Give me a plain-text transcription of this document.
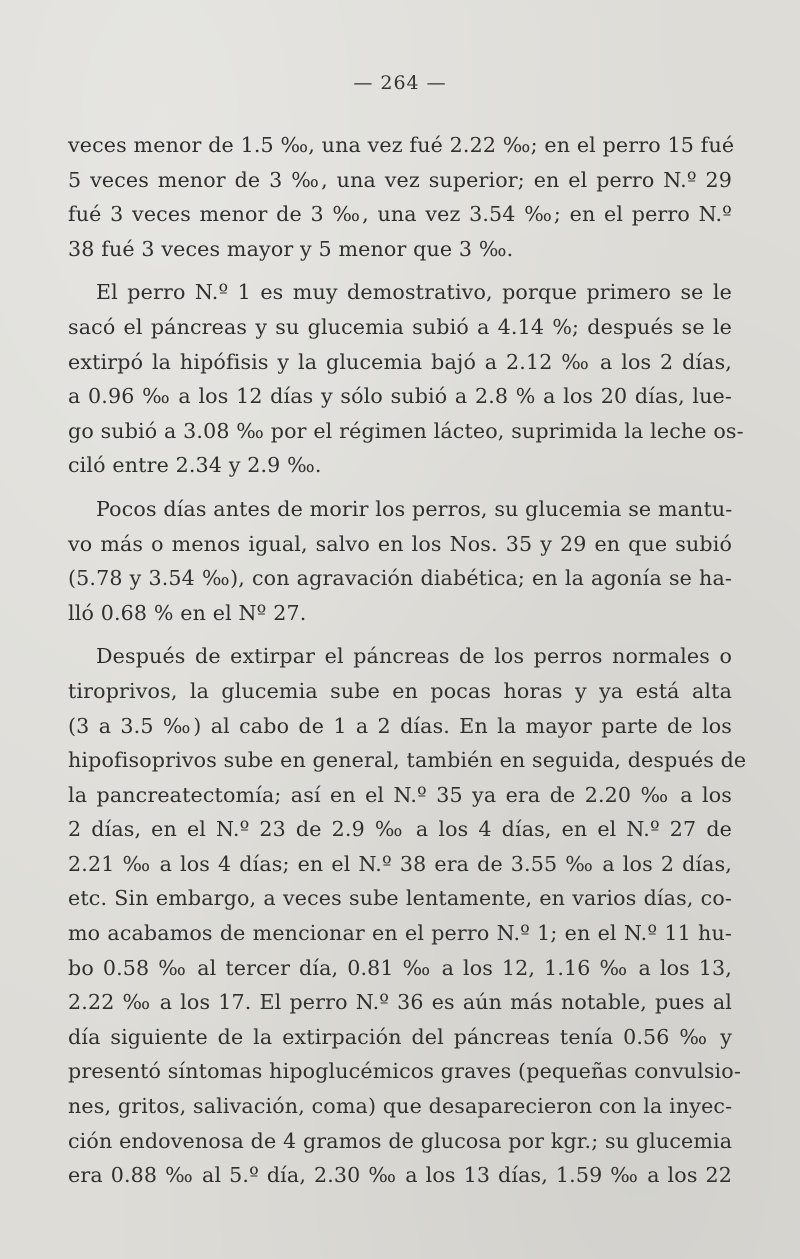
— 264 —
veces menor de 1.5 ‰, una vez fué 2.22 ‰; en el perro 15 fué
5 veces menor de 3 ‰, una vez superior; en el perro N.º 29
fué 3 veces menor de 3 ‰, una vez 3.54 ‰; en el perro N.º
38 fué 3 veces mayor y 5 menor que 3 ‰.
El perro N.º 1 es muy demostrativo, porque primero se le
sacó el páncreas y su glucemia subió a 4.14 %; después se le
extirpó la hipófisis y la glucemia bajó a 2.12 ‰ a los 2 días,
a 0.96 ‰ a los 12 días y sólo subió a 2.8 % a los 20 días, lue-
go subió a 3.08 ‰ por el régimen lácteo, suprimida la leche os-
ciló entre 2.34 y 2.9 ‰.
Pocos días antes de morir los perros, su glucemia se mantu-
vo más o menos igual, salvo en los Nos. 35 y 29 en que subió
(5.78 y 3.54 ‰), con agravación diabética; en la agonía se ha-
lló 0.68 % en el Nº 27.
Después de extirpar el páncreas de los perros normales o
tiroprivos, la glucemia sube en pocas horas y ya está alta
(3 a 3.5 ‰) al cabo de 1 a 2 días. En la mayor parte de los
hipofisoprivos sube en general, también en seguida, después de
la pancreatectomía; así en el N.º 35 ya era de 2.20 ‰ a los
2 días, en el N.º 23 de 2.9 ‰ a los 4 días, en el N.º 27 de
2.21 ‰ a los 4 días; en el N.º 38 era de 3.55 ‰ a los 2 días,
etc. Sin embargo, a veces sube lentamente, en varios días, co-
mo acabamos de mencionar en el perro N.º 1; en el N.º 11 hu-
bo 0.58 ‰ al tercer día, 0.81 ‰ a los 12, 1.16 ‰ a los 13,
2.22 ‰ a los 17. El perro N.º 36 es aún más notable, pues al
día siguiente de la extirpación del páncreas tenía 0.56 ‰ y
presentó síntomas hipoglucémicos graves (pequeñas convulsio-
nes, gritos, salivación, coma) que desaparecieron con la inyec-
ción endovenosa de 4 gramos de glucosa por kgr.; su glucemia
era 0.88 ‰ al 5.º día, 2.30 ‰ a los 13 días, 1.59 ‰ a los 22
